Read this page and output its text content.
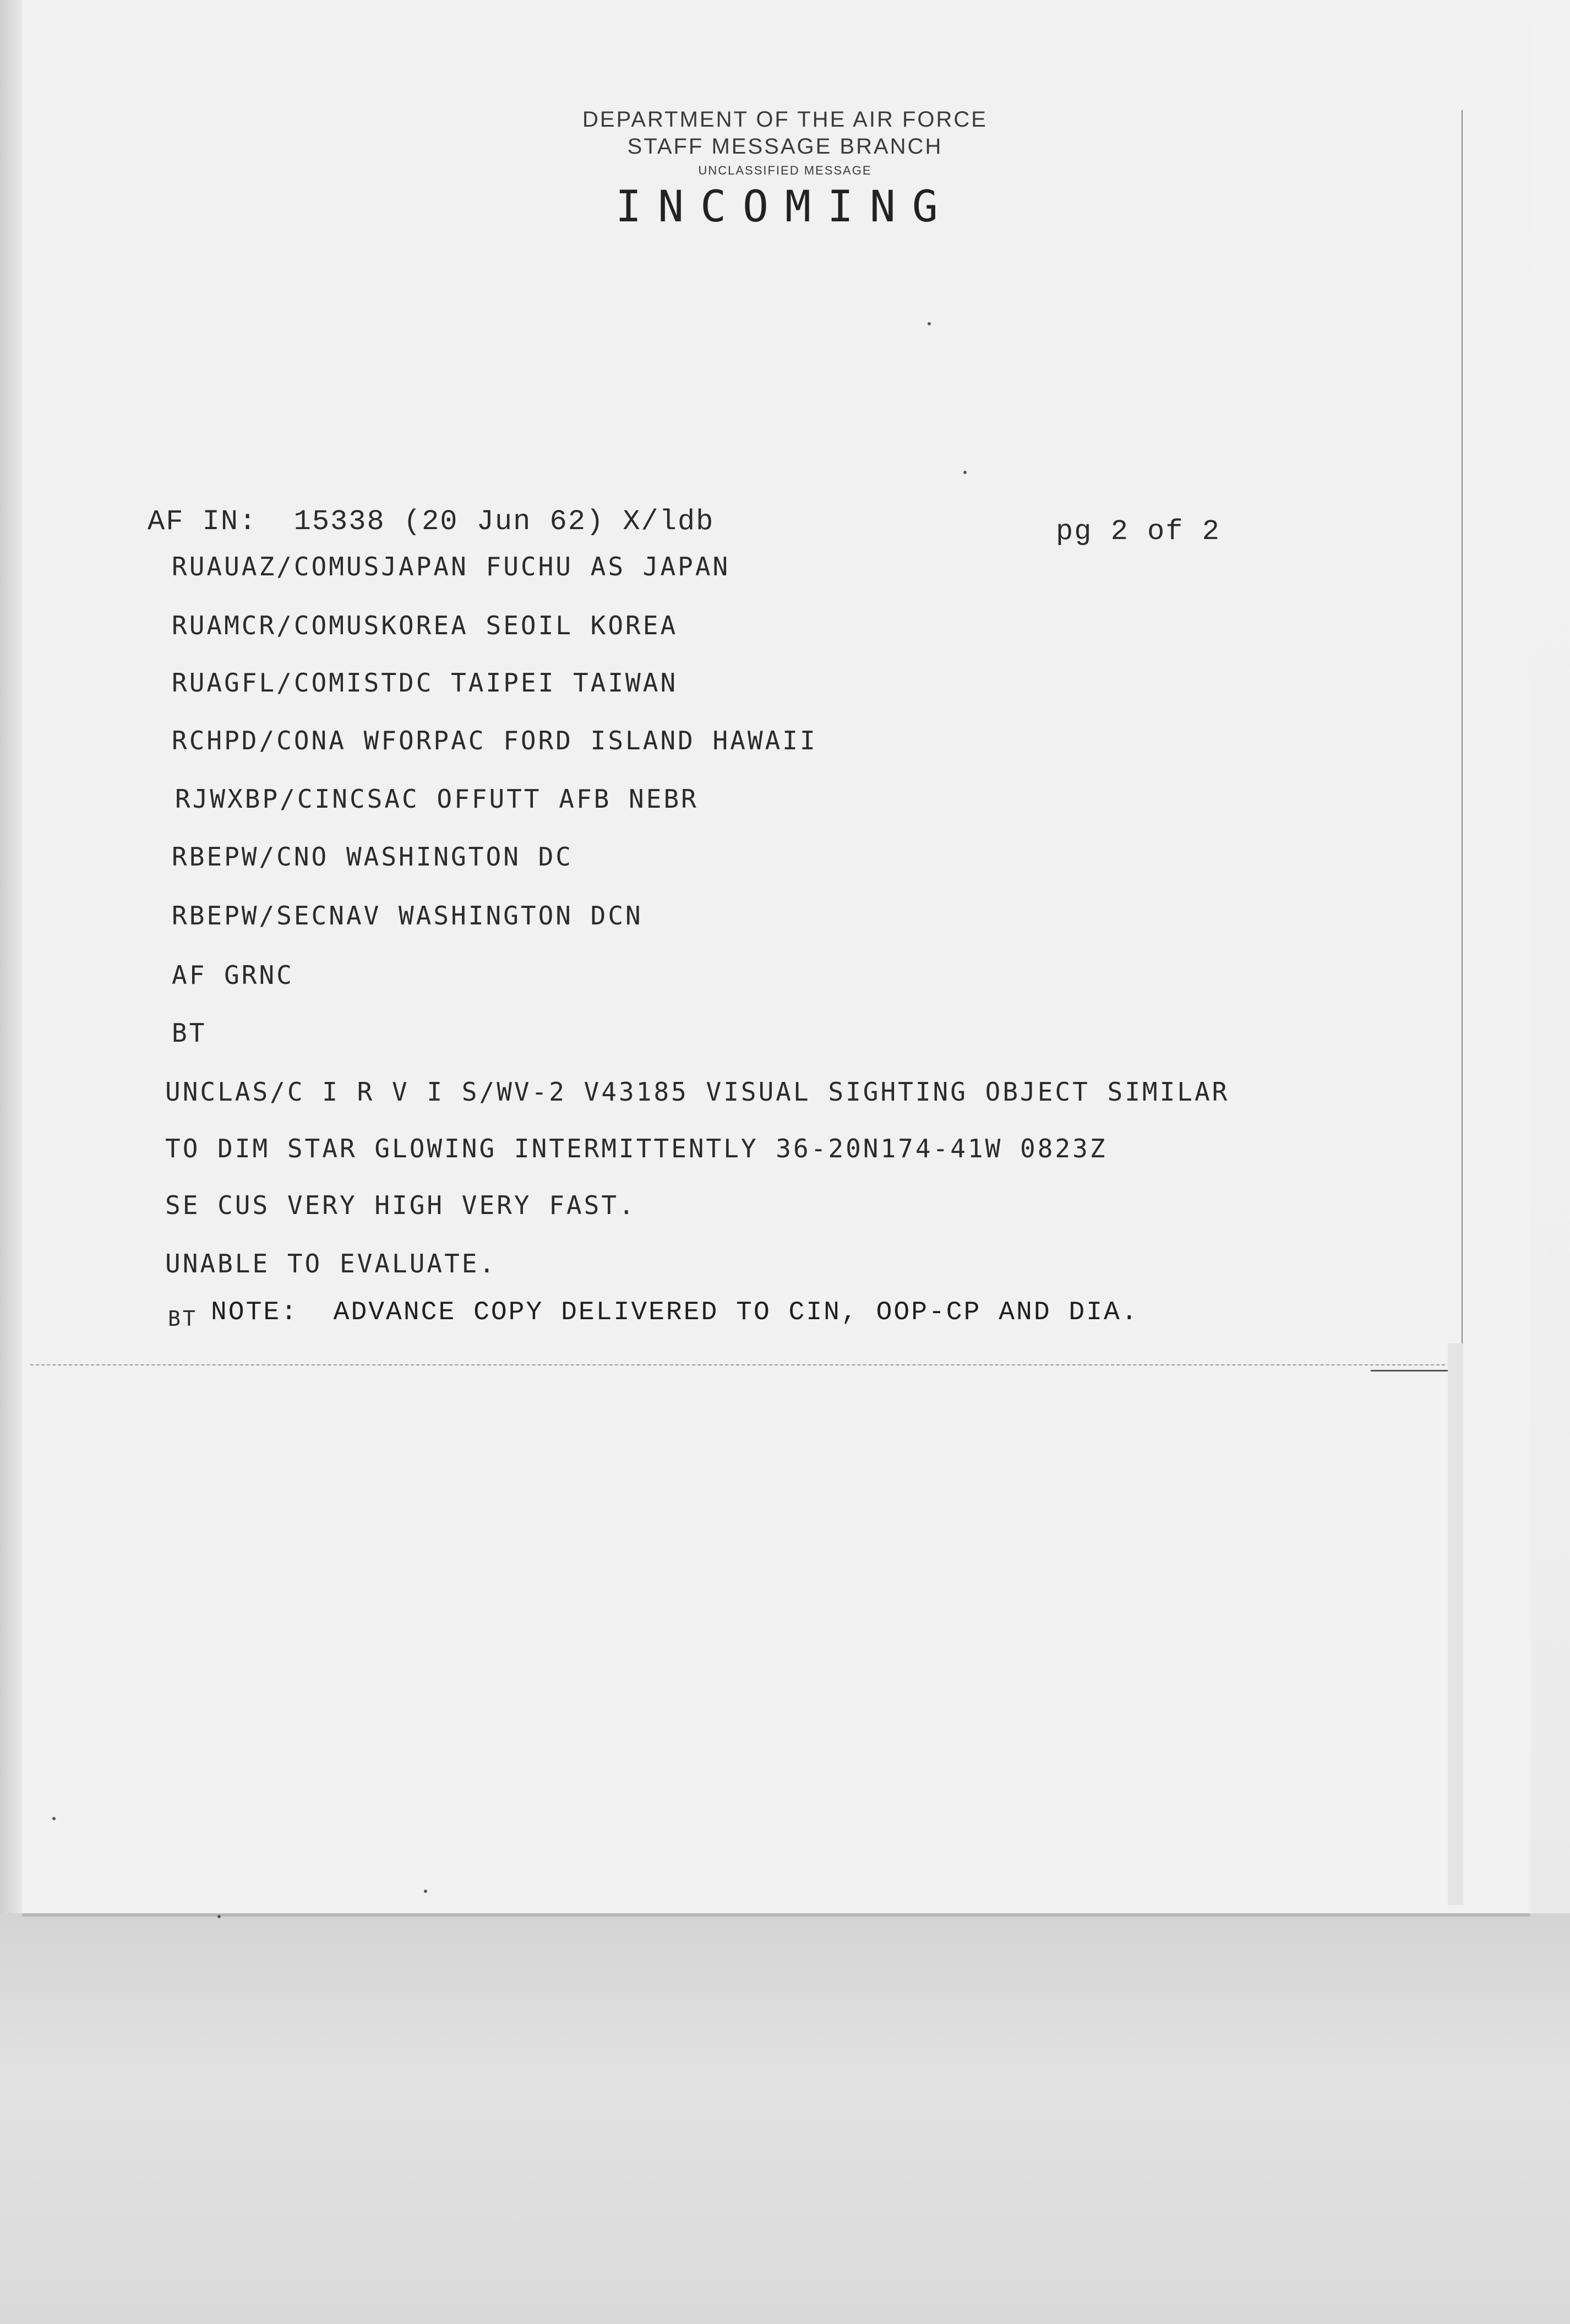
DEPARTMENT OF THE AIR FORCE
STAFF MESSAGE BRANCH
UNCLASSIFIED MESSAGE
INCOMING
AF IN:  15338 (20 Jun 62) X/ldb	pg 2 of 2
RUAUAZ/COMUSJAPAN FUCHU AS JAPAN
RUAMCR/COMUSKOREA SEOIL KOREA
RUAGFL/COMISTDC TAIPEI TAIWAN
RCHPD/CONA WFORPAC FORD ISLAND HAWAII
RJWXBP/CINCSAC OFFUTT AFB NEBR
RBEPW/CNO WASHINGTON DC
RBEPW/SECNAV WASHINGTON DCN
AF GRNC
BT
UNCLAS/C I R V I S/WV-2 V43185 VISUAL SIGHTING OBJECT SIMILAR
TO DIM STAR GLOWING INTERMITTENTLY 36-20N174-41W 0823Z
SE CUS VERY HIGH VERY FAST.
UNABLE TO EVALUATE.
BT NOTE:  ADVANCE COPY DELIVERED TO CIN, OOP-CP AND DIA.
